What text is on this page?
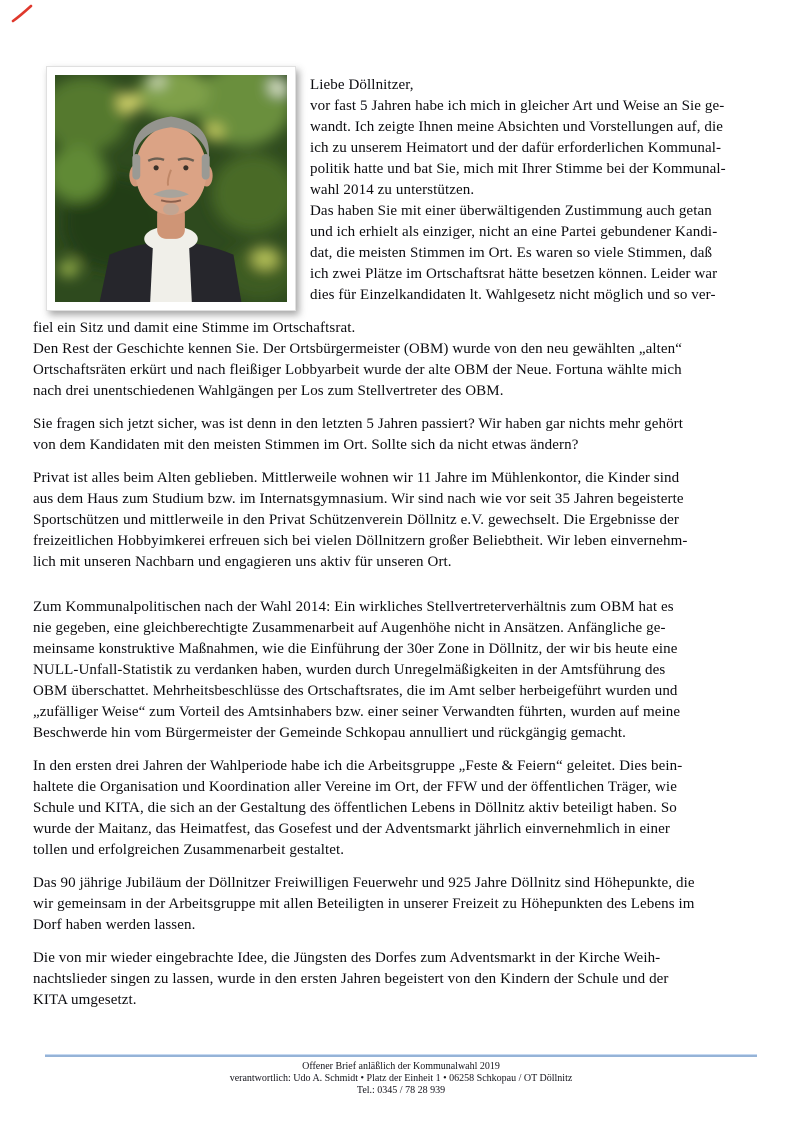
Liebe Döllnitzer,
vor fast 5 Jahren habe ich mich in gleicher Art und Weise an Sie ge-
wandt. Ich zeigte Ihnen meine Absichten und Vorstellungen auf, die
ich zu unserem Heimatort und der dafür erforderlichen Kommunal-
politik hatte und bat Sie, mich mit Ihrer Stimme bei der Kommunal-
wahl 2014 zu unterstützen.
Das haben Sie mit einer überwältigenden Zustimmung auch getan
und ich erhielt als einziger, nicht an eine Partei gebundener Kandi-
dat, die meisten Stimmen im Ort. Es waren so viele Stimmen, daß
ich zwei Plätze im Ortschaftsrat hätte besetzen können. Leider war
dies für Einzelkandidaten lt. Wahlgesetz nicht möglich und so ver-
fiel ein Sitz und damit eine Stimme im Ortschaftsrat.
Den Rest der Geschichte kennen Sie. Der Ortsbürgermeister (OBM) wurde von den neu gewählten „alten“
Ortschaftsräten erkürt und nach fleißiger Lobbyarbeit wurde der alte OBM der Neue. Fortuna wählte mich
nach drei unentschiedenen Wahlgängen per Los zum Stellvertreter des OBM.
Sie fragen sich jetzt sicher, was ist denn in den letzten 5 Jahren passiert? Wir haben gar nichts mehr gehört
von dem Kandidaten mit den meisten Stimmen im Ort. Sollte sich da nicht etwas ändern?
Privat ist alles beim Alten geblieben. Mittlerweile wohnen wir 11 Jahre im Mühlenkontor, die Kinder sind
aus dem Haus zum Studium bzw. im Internatsgymnasium. Wir sind nach wie vor seit 35 Jahren begeisterte
Sportschützen und mittlerweile in den Privat Schützenverein Döllnitz e.V. gewechselt. Die Ergebnisse der
freizeitlichen Hobbyimkerei erfreuen sich bei vielen Döllnitzern großer Beliebtheit. Wir leben einvernehm-
lich mit unseren Nachbarn und engagieren uns aktiv für unseren Ort.
Zum Kommunalpolitischen nach der Wahl 2014: Ein wirkliches Stellvertreterverhältnis zum OBM hat es
nie gegeben, eine gleichberechtigte Zusammenarbeit auf Augenhöhe nicht in Ansätzen. Anfängliche ge-
meinsame konstruktive Maßnahmen, wie die Einführung der 30er Zone in Döllnitz, der wir bis heute eine
NULL-Unfall-Statistik zu verdanken haben, wurden durch Unregelmäßigkeiten in der Amtsführung des
OBM überschattet. Mehrheitsbeschlüsse des Ortschaftsrates, die im Amt selber herbeigeführt wurden und
„zufälliger Weise“ zum Vorteil des Amtsinhabers bzw. einer seiner Verwandten führten, wurden auf meine
Beschwerde hin vom Bürgermeister der Gemeinde Schkopau annulliert und rückgängig gemacht.
In den ersten drei Jahren der Wahlperiode habe ich die Arbeitsgruppe „Feste & Feiern“ geleitet. Dies bein-
haltete die Organisation und Koordination aller Vereine im Ort, der FFW und der öffentlichen Träger, wie
Schule und KITA, die sich an der Gestaltung des öffentlichen Lebens in Döllnitz aktiv beteiligt haben. So
wurde der Maitanz, das Heimatfest, das Gosefest und der Adventsmarkt jährlich einvernehmlich in einer
tollen und erfolgreichen Zusammenarbeit gestaltet.
Das 90 jährige Jubiläum der Döllnitzer Freiwilligen Feuerwehr und 925 Jahre Döllnitz sind Höhepunkte, die
wir gemeinsam in der Arbeitsgruppe mit allen Beteiligten in unserer Freizeit zu Höhepunkten des Lebens im
Dorf haben werden lassen.
Die von mir wieder eingebrachte Idee, die Jüngsten des Dorfes zum Adventsmarkt in der Kirche Weih-
nachtslieder singen zu lassen, wurde in den ersten Jahren begeistert von den Kindern der Schule und der
KITA umgesetzt.
Offener Brief anläßlich der Kommunalwahl 2019
verantwortlich: Udo A. Schmidt • Platz der Einheit 1 • 06258 Schkopau / OT Döllnitz
Tel.: 0345 / 78 28 939
